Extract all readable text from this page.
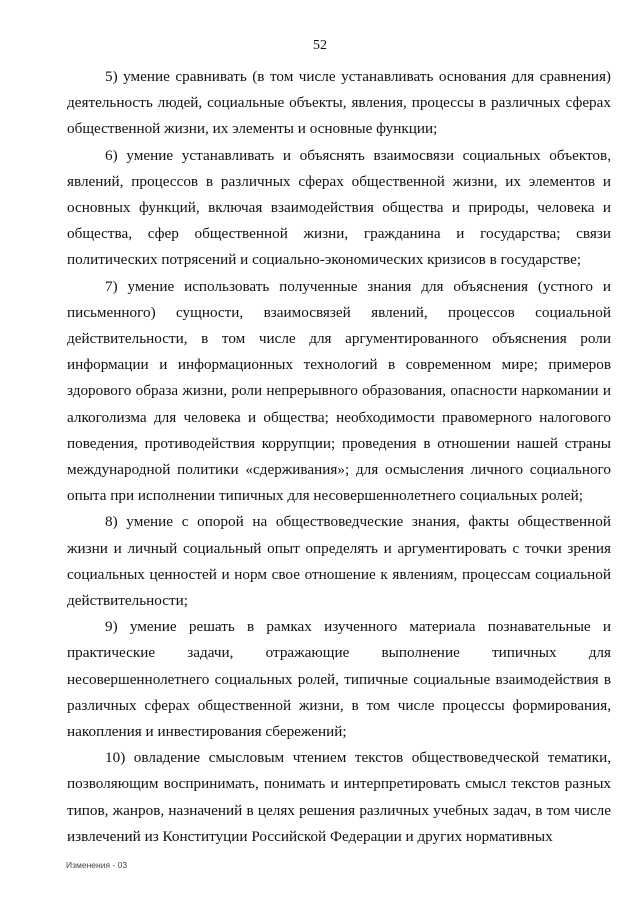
52

5) умение сравнивать (в том числе устанавливать основания для сравнения) деятельность людей, социальные объекты, явления, процессы в различных сферах общественной жизни, их элементы и основные функции;

6) умение устанавливать и объяснять взаимосвязи социальных объектов, явлений, процессов в различных сферах общественной жизни, их элементов и основных функций, включая взаимодействия общества и природы, человека и общества, сфер общественной жизни, гражданина и государства; связи политических потрясений и социально-экономических кризисов в государстве;

7) умение использовать полученные знания для объяснения (устного и письменного) сущности, взаимосвязей явлений, процессов социальной действительности, в том числе для аргументированного объяснения роли информации и информационных технологий в современном мире; примеров здорового образа жизни, роли непрерывного образования, опасности наркомании и алкоголизма для человека и общества; необходимости правомерного налогового поведения, противодействия коррупции; проведения в отношении нашей страны международной политики «сдерживания»; для осмысления личного социального опыта при исполнении типичных для несовершеннолетнего социальных ролей;

8) умение с опорой на обществоведческие знания, факты общественной жизни и личный социальный опыт определять и аргументировать с точки зрения социальных ценностей и норм свое отношение к явлениям, процессам социальной действительности;

9) умение решать в рамках изученного материала познавательные и практические задачи, отражающие выполнение типичных для несовершеннолетнего социальных ролей, типичные социальные взаимодействия в различных сферах общественной жизни, в том числе процессы формирования, накопления и инвестирования сбережений;

10) овладение смысловым чтением текстов обществоведческой тематики, позволяющим воспринимать, понимать и интерпретировать смысл текстов разных типов, жанров, назначений в целях решения различных учебных задач, в том числе извлечений из Конституции Российской Федерации и других нормативных

Изменения - 03
